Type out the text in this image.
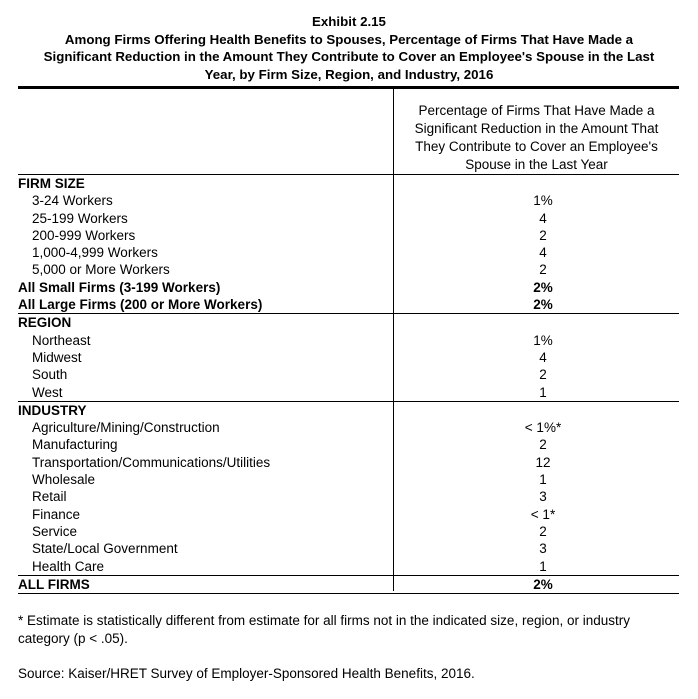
Exhibit 2.15
Among Firms Offering Health Benefits to Spouses, Percentage of Firms That Have Made a
Significant Reduction in the Amount They Contribute to Cover an Employee's Spouse in the Last
Year, by Firm Size, Region, and Industry, 2016
Percentage of Firms That Have Made a
Significant Reduction in the Amount That
They Contribute to Cover an Employee's
Spouse in the Last Year
FIRM SIZE	
3-24 Workers	1%
25-199 Workers	4
200-999 Workers	2
1,000-4,999 Workers	4
5,000 or More Workers	2
All Small Firms (3-199 Workers)	2%
All Large Firms (200 or More Workers)	2%
REGION	
Northeast	1%
Midwest	4
South	2
West	1
INDUSTRY	
Agriculture/Mining/Construction	< 1%*
Manufacturing	2
Transportation/Communications/Utilities	12
Wholesale	1
Retail	3
Finance	< 1*
Service	2
State/Local Government	3
Health Care	1
ALL FIRMS	2%
* Estimate is statistically different from estimate for all firms not in the indicated size, region, or industry
category (p < .05).
Source: Kaiser/HRET Survey of Employer-Sponsored Health Benefits, 2016.
